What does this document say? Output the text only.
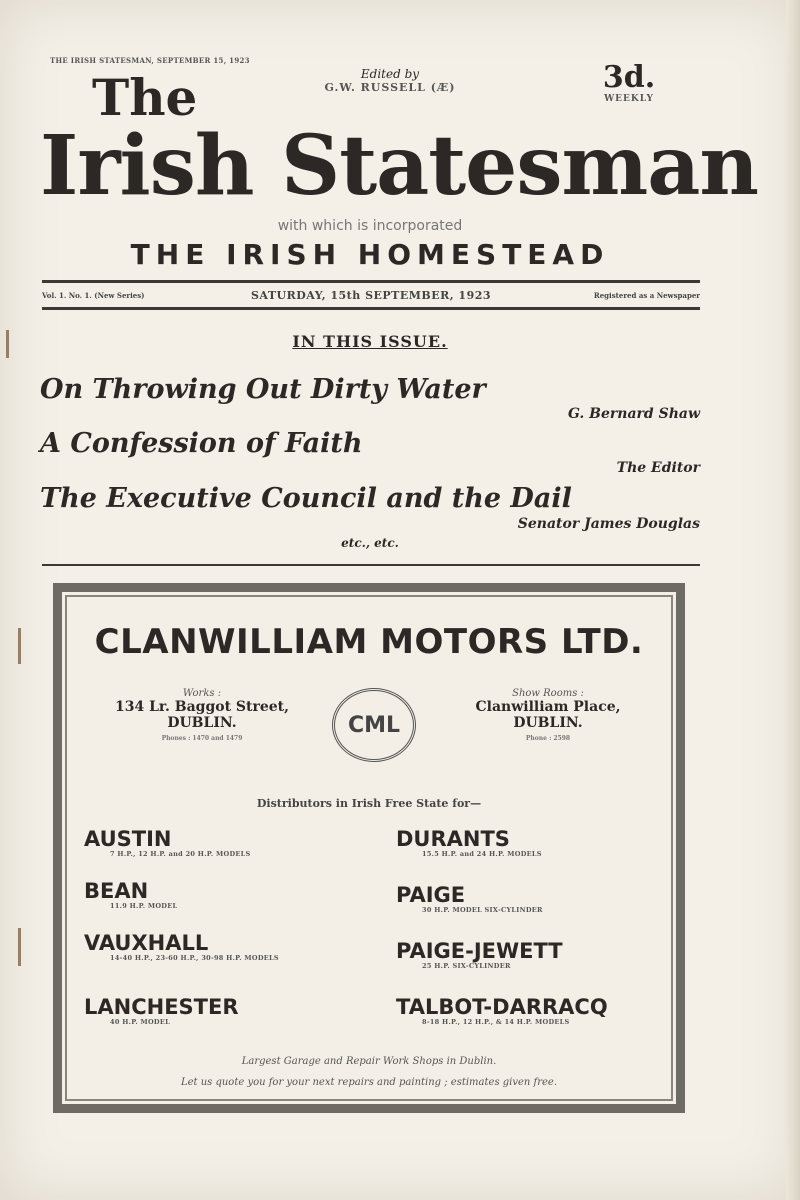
THE IRISH STATESMAN, SEPTEMBER 15, 1923
The	Edited by
G.W. RUSSELL (Æ)	3d.
WEEKLY
Irish Statesman
with which is incorporated
THE IRISH HOMESTEAD
Vol. 1. No. 1. (New Series)	SATURDAY, 15th SEPTEMBER, 1923	Registered as a Newspaper
IN THIS ISSUE.
On Throwing Out Dirty Water
G. Bernard Shaw
A Confession of Faith
The Editor
The Executive Council and the Dail
Senator James Douglas
etc., etc.
CLANWILLIAM MOTORS LTD.
Works :
134 Lr. Baggot Street,
DUBLIN.
Phones : 1470 and 1479
CML
Show Rooms :
Clanwilliam Place,
DUBLIN.
Phone : 2598
Distributors in Irish Free State for—
AUSTIN
7 H.P., 12 H.P. and 20 H.P. MODELS
BEAN
11.9 H.P. MODEL
VAUXHALL
14-40 H.P., 23-60 H.P., 30-98 H.P. MODELS
LANCHESTER
40 H.P. MODEL
DURANTS
15.5 H.P. and 24 H.P. MODELS
PAIGE
30 H.P. MODEL SIX-CYLINDER
PAIGE-JEWETT
25 H.P. SIX-CYLINDER
TALBOT-DARRACQ
8-18 H.P., 12 H.P., & 14 H.P. MODELS
Largest Garage and Repair Work Shops in Dublin.
Let us quote you for your next repairs and painting ; estimates given free.
